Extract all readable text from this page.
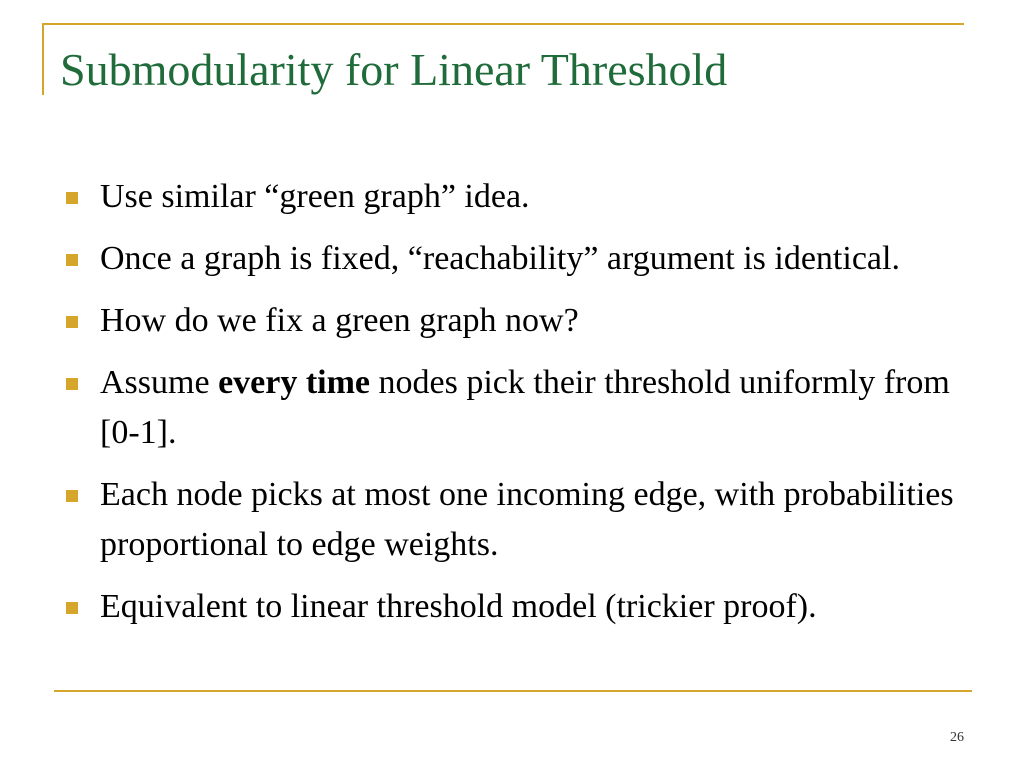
Submodularity for Linear Threshold
Use similar “green graph” idea.
Once a graph is fixed, “reachability” argument is identical.
How do we fix a green graph now?
Assume every time nodes pick their threshold uniformly from [0-1].
Each node picks at most one incoming edge, with probabilities proportional to edge weights.
Equivalent to linear threshold model (trickier proof).
26
